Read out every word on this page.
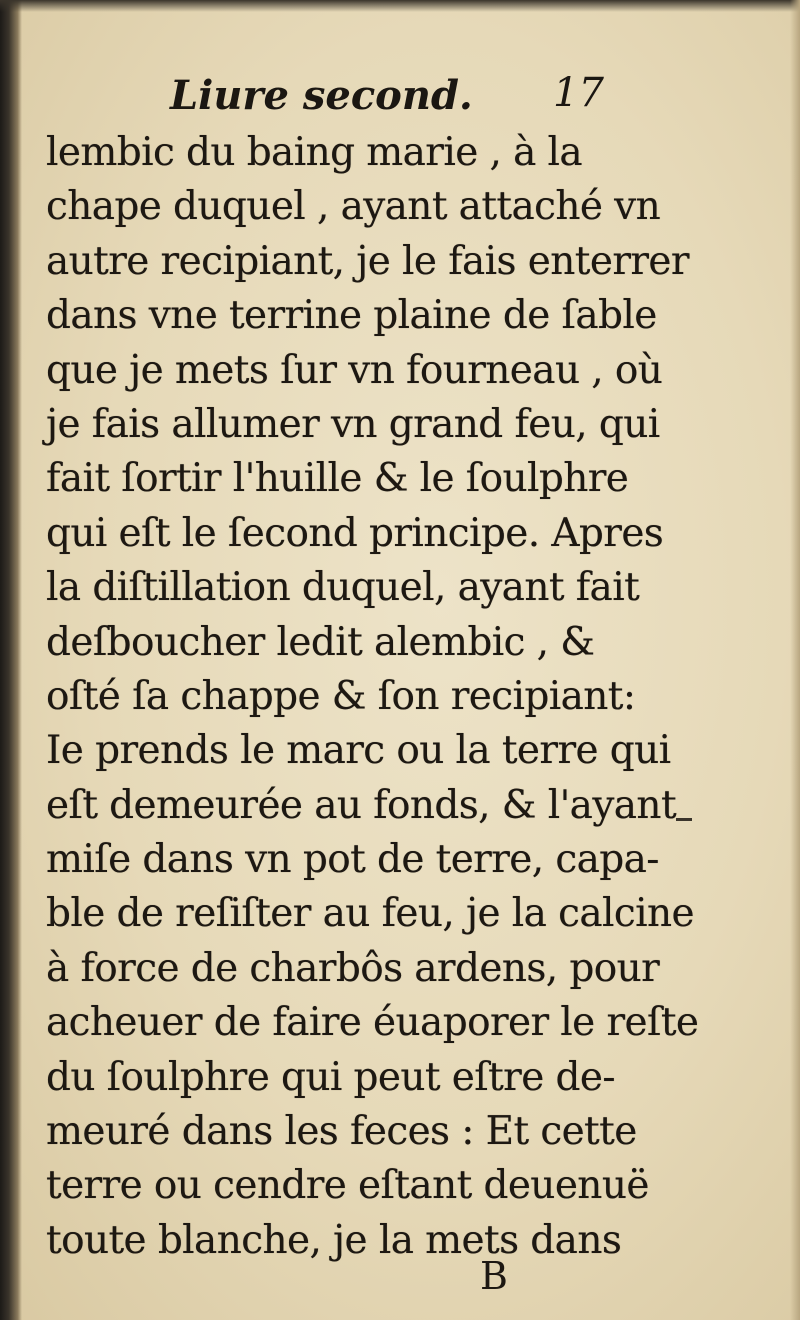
Liure second. 17
lembic du baing marie , à la
chape duquel , ayant attaché vn
autre recipiant, je le fais enterrer
dans vne terrine plaine de ſable
que je mets ſur vn fourneau , où
je fais allumer vn grand feu, qui
fait ſortir l'huille & le ſoulphre
qui eſt le ſecond principe. Apres
la diſtillation duquel, ayant fait
deſboucher ledit alembic , &
oſté ſa chappe & ſon recipiant:
Ie prends le marc ou la terre qui
eſt demeurée au fonds, & l'ayant
miſe dans vn pot de terre, capa-
ble de reſiſter au feu, je la calcine
à force de charbôs ardens, pour
acheuer de faire éuaporer le reſte
du ſoulphre qui peut eſtre de-
meuré dans les feces : Et cette
terre ou cendre eſtant deuenuë
toute blanche, je la mets dans
B
